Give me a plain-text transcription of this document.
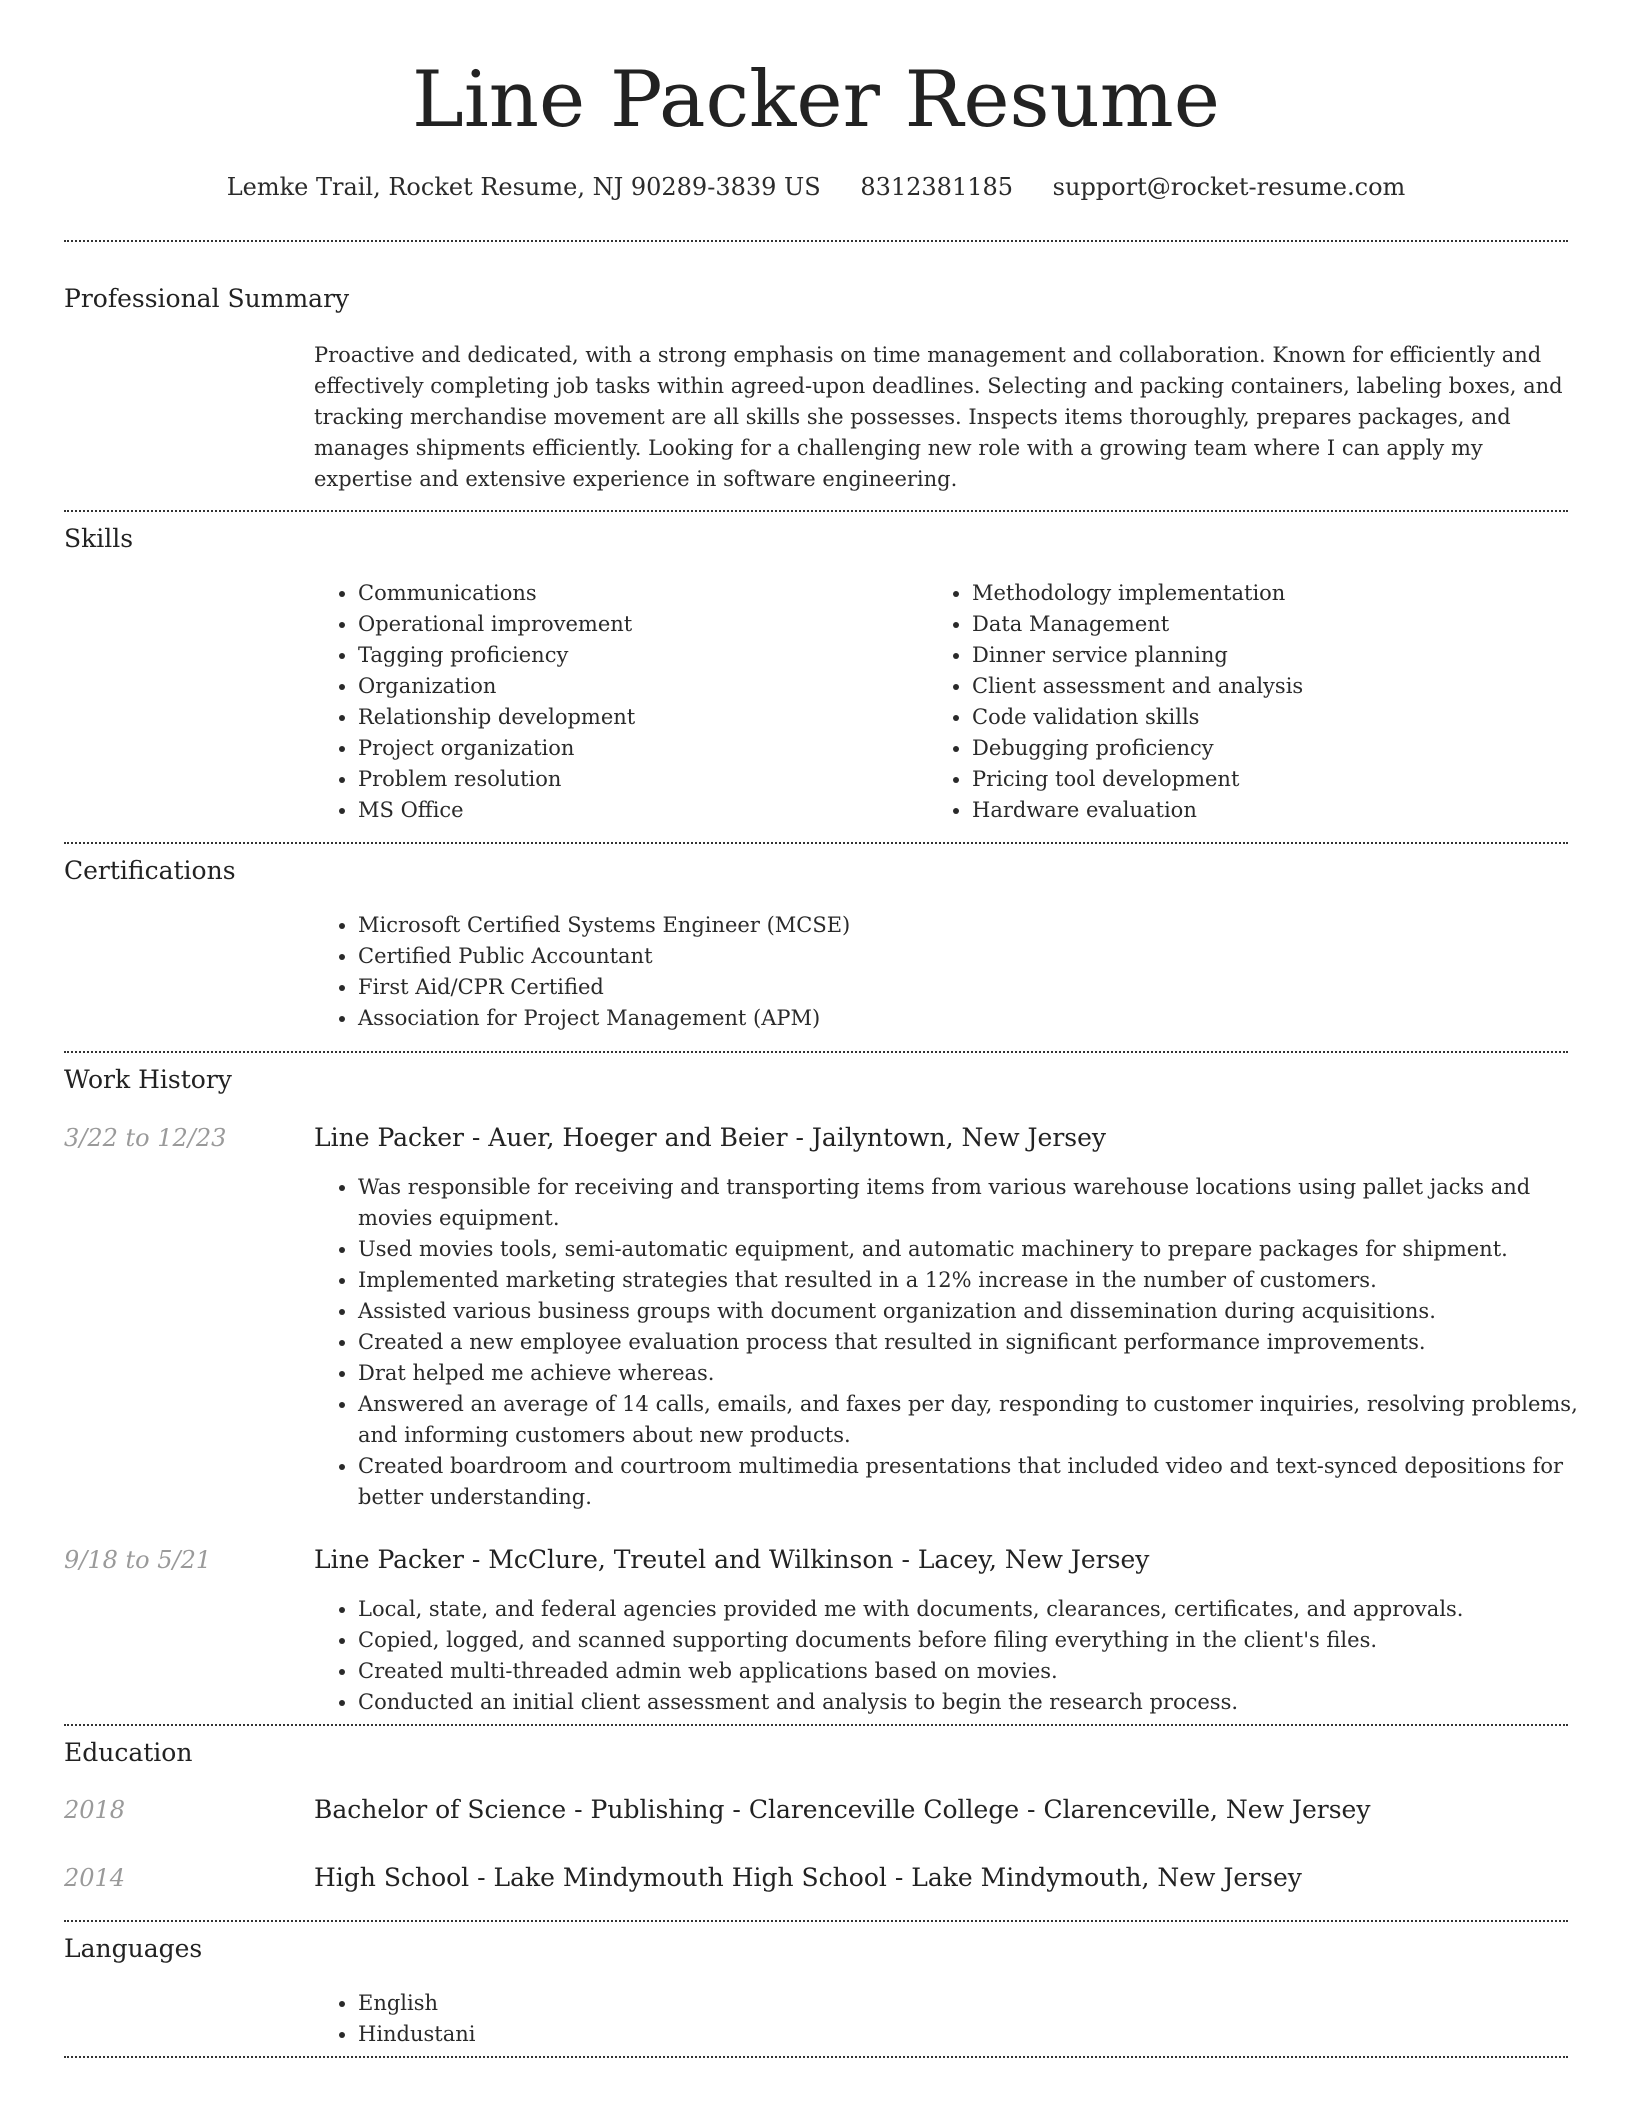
Line Packer Resume
Lemke Trail, Rocket Resume, NJ 90289-3839 US 8312381185 support@rocket-resume.com
Professional Summary

Proactive and dedicated, with a strong emphasis on time management and collaboration. Known for efficiently and effectively completing job tasks within agreed-upon deadlines. Selecting and packing containers, labeling boxes, and tracking merchandise movement are all skills she possesses. Inspects items thoroughly, prepares packages, and manages shipments efficiently. Looking for a challenging new role with a growing team where I can apply my expertise and extensive experience in software engineering.

Skills
• Communications
• Operational improvement
• Tagging proficiency
• Organization
• Relationship development
• Project organization
• Problem resolution
• MS Office
• Methodology implementation
• Data Management
• Dinner service planning
• Client assessment and analysis
• Code validation skills
• Debugging proficiency
• Pricing tool development
• Hardware evaluation
Certifications
• Microsoft Certified Systems Engineer (MCSE)
• Certified Public Accountant
• First Aid/CPR Certified
• Association for Project Management (APM)
Work History
3/22 to 12/23	Line Packer - Auer, Hoeger and Beier - Jailyntown, New Jersey
• Was responsible for receiving and transporting items from various warehouse locations using pallet jacks and movies equipment.
• Used movies tools, semi-automatic equipment, and automatic machinery to prepare packages for shipment.
• Implemented marketing strategies that resulted in a 12% increase in the number of customers.
• Assisted various business groups with document organization and dissemination during acquisitions.
• Created a new employee evaluation process that resulted in significant performance improvements.
• Drat helped me achieve whereas.
• Answered an average of 14 calls, emails, and faxes per day, responding to customer inquiries, resolving problems, and informing customers about new products.
• Created boardroom and courtroom multimedia presentations that included video and text-synced depositions for better understanding.
9/18 to 5/21	Line Packer - McClure, Treutel and Wilkinson - Lacey, New Jersey
• Local, state, and federal agencies provided me with documents, clearances, certificates, and approvals.
• Copied, logged, and scanned supporting documents before filing everything in the client's files.
• Created multi-threaded admin web applications based on movies.
• Conducted an initial client assessment and analysis to begin the research process.
Education
2018	Bachelor of Science - Publishing - Clarenceville College - Clarenceville, New Jersey
2014	High School - Lake Mindymouth High School - Lake Mindymouth, New Jersey
Languages
• English
• Hindustani
